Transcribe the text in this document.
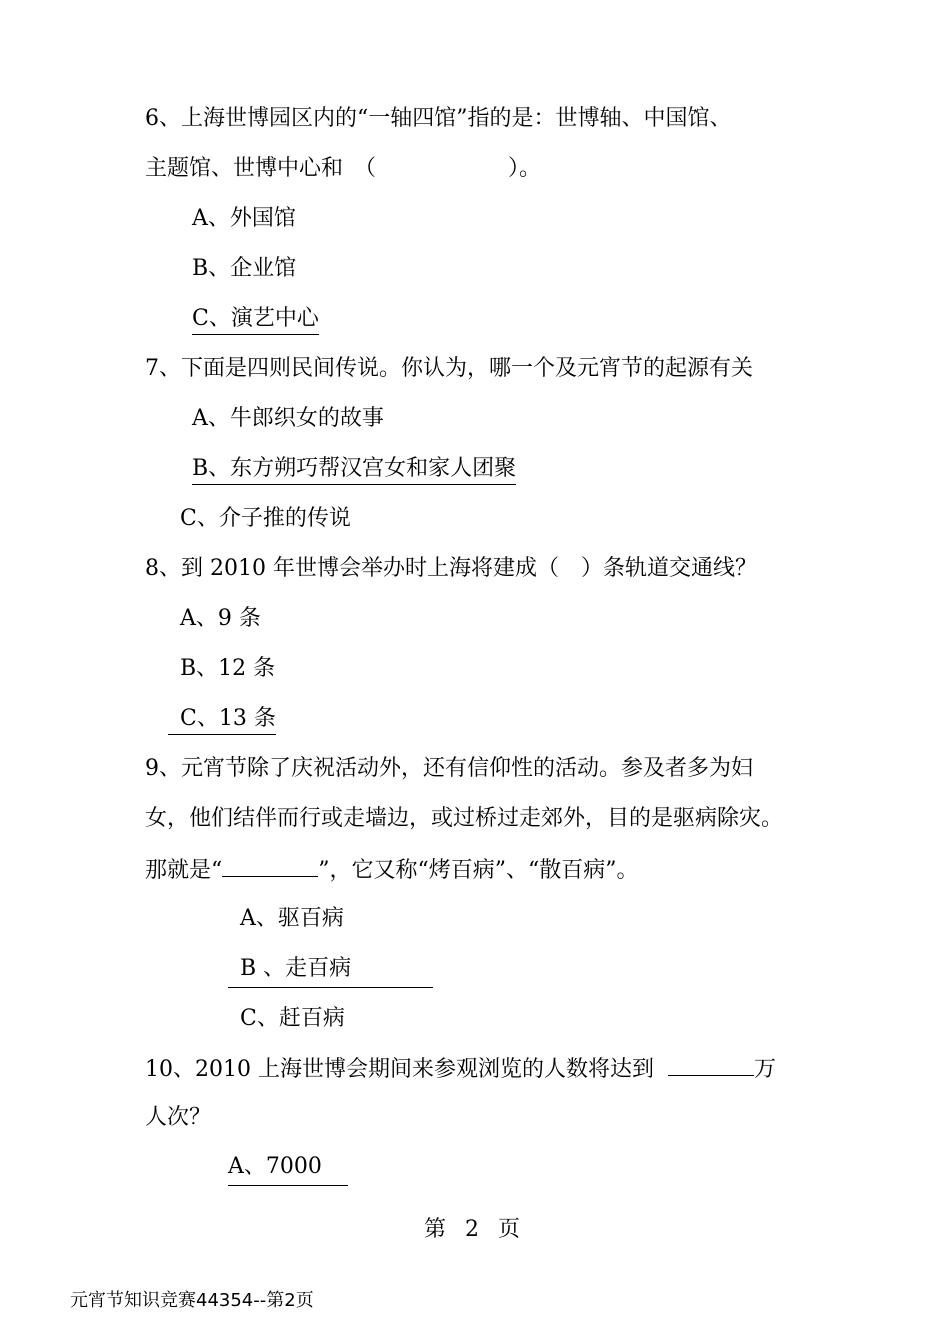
6、上海世博园区内的“一轴四馆”指的是：世博轴、中国馆、
主题馆、世博中心和　（　　　　　　）。
A、外国馆
B、企业馆
C、演艺中心
7、下面是四则民间传说。你认为，哪一个及元宵节的起源有关
A、牛郎织女的故事
B、东方朔巧帮汉宫女和家人团聚
C、介子推的传说
8、到 2010 年世博会举办时上海将建成（　）条轨道交通线？
A、9 条
B、12 条
C、13 条
9、元宵节除了庆祝活动外，还有信仰性的活动。参及者多为妇
女，他们结伴而行或走墙边，或过桥过走郊外，目的是驱病除灾。
那就是“	”，它又称“烤百病”、“散百病”。
A、驱百病
B 、走百病
C、赶百病
10、2010 上海世博会期间来参观浏览的人数将达到	万
人次？
A、7000
第 2 页
元宵节知识竞赛44354--第2页
